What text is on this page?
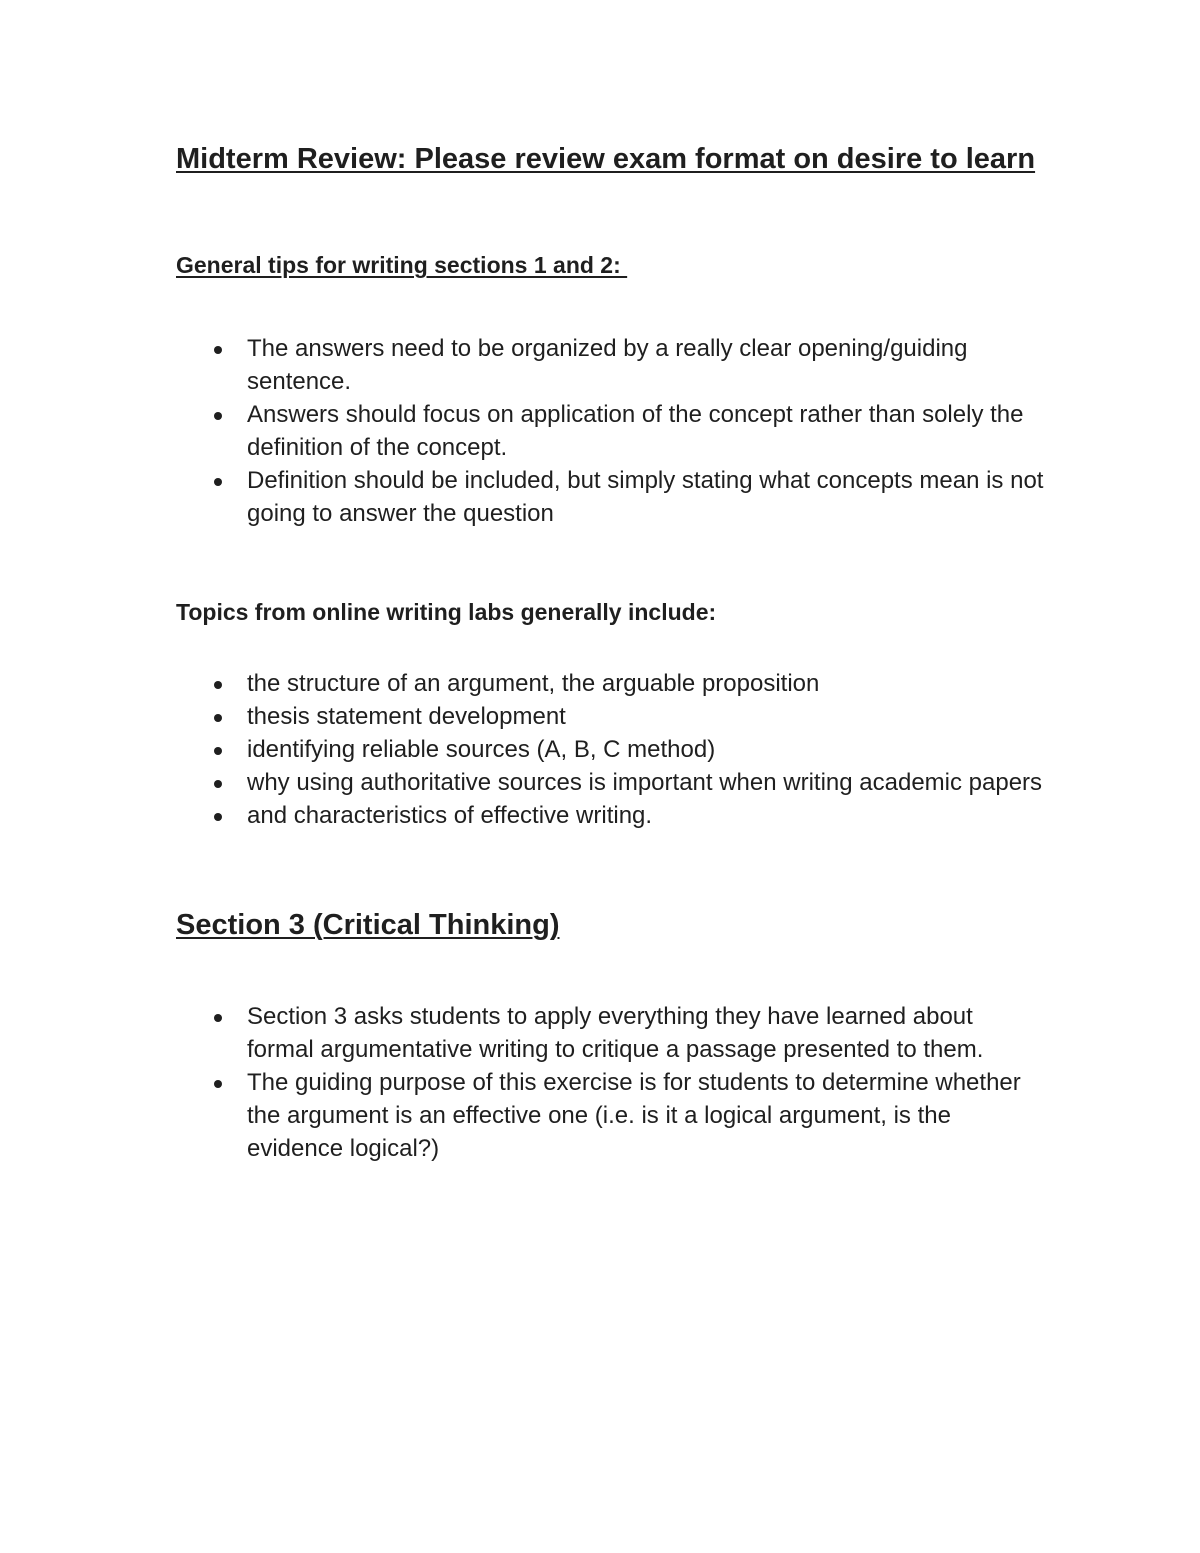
Midterm Review: Please review exam format on desire to learn

General tips for writing sections 1 and 2:

The answers need to be organized by a really clear opening/guiding sentence.
Answers should focus on application of the concept rather than solely the definition of the concept.
Definition should be included, but simply stating what concepts mean is not going to answer the question

Topics from online writing labs generally include:

the structure of an argument, the arguable proposition
thesis statement development
identifying reliable sources (A, B, C method)
why using authoritative sources is important when writing academic papers
and characteristics of effective writing.
Section 3 (Critical Thinking)
Section 3 asks students to apply everything they have learned about formal argumentative writing to critique a passage presented to them.
The guiding purpose of this exercise is for students to determine whether the argument is an effective one (i.e. is it a logical argument, is the evidence logical?)
